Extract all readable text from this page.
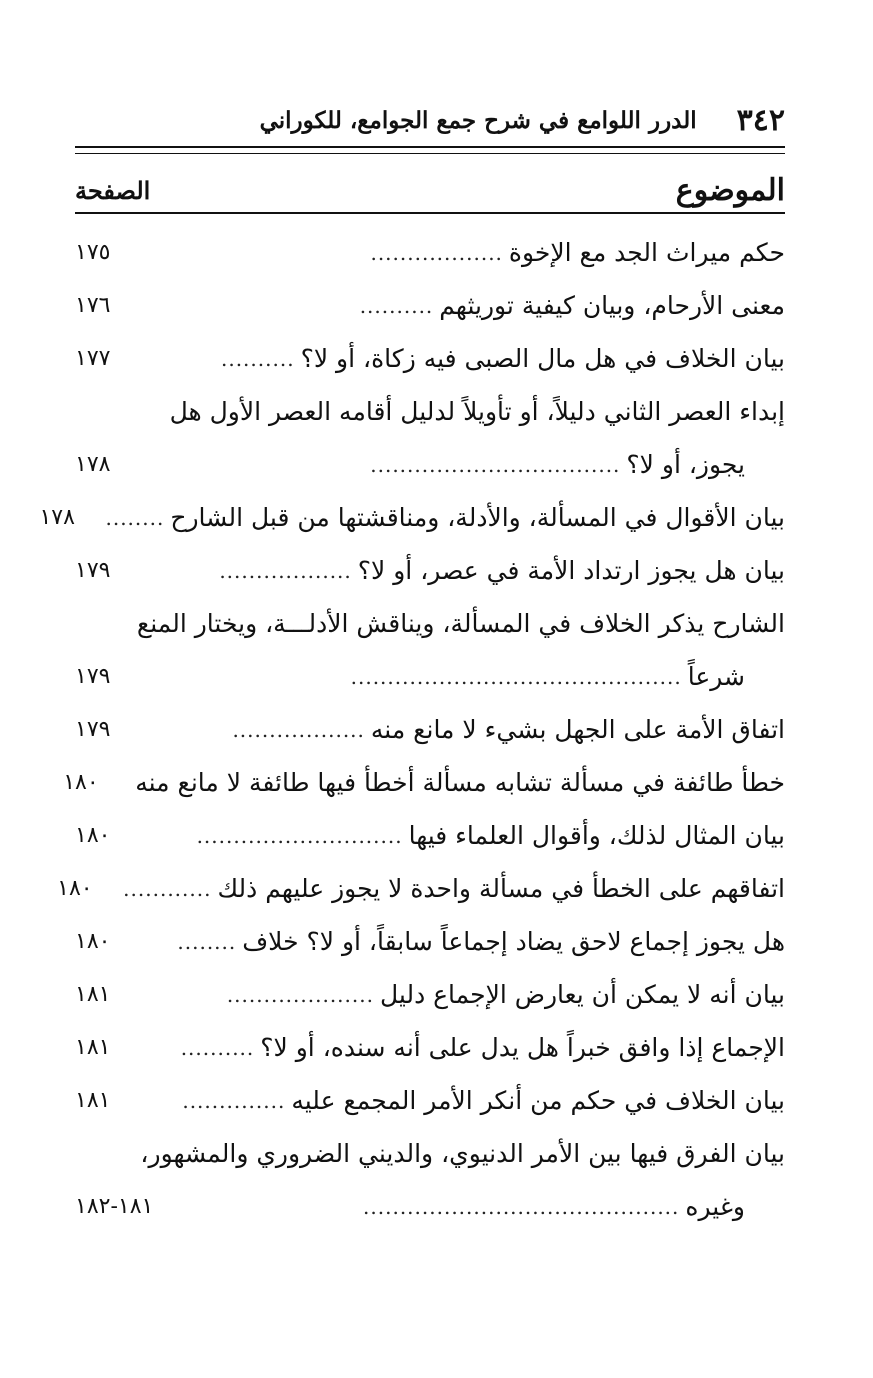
٣٤٢
الدرر اللوامع في شرح جمع الجوامع، للكوراني
الموضوع
الصفحة
حكم ميراث الجد مع الإخوة
..................
١٧٥
معنى الأرحام، وبيان كيفية توريثهم
..........
١٧٦
بيان الخلاف في هل مال الصبى فيه زكاة، أو لا؟
..........
١٧٧
إبداء العصر الثاني دليلاً، أو تأويلاً لدليل أقامه العصر الأول هل
يجوز، أو لا؟
..................................
١٧٨
بيان الأقوال في المسألة، والأدلة، ومناقشتها من قبل الشارح
........
١٧٨
بيان هل يجوز ارتداد الأمة في عصر، أو لا؟
..................
١٧٩
الشارح يذكر الخلاف في المسألة، ويناقش الأدلـــة، ويختار المنع
شرعاً
.............................................
١٧٩
اتفاق الأمة على الجهل بشيء لا مانع منه
..................
١٧٩
خطأ طائفة في مسألة تشابه مسألة أخطأ فيها طائفة لا مانع منه
١٨٠
بيان المثال لذلك، وأقوال العلماء فيها
............................
١٨٠
اتفاقهم على الخطأ في مسألة واحدة لا يجوز عليهم ذلك
............
١٨٠
هل يجوز إجماع لاحق يضاد إجماعاً سابقاً، أو لا؟ خلاف
........
١٨٠
بيان أنه لا يمكن أن يعارض الإجماع دليل
....................
١٨١
الإجماع إذا وافق خبراً هل يدل على أنه سنده، أو لا؟
..........
١٨١
بيان الخلاف في حكم من أنكر الأمر المجمع عليه
..............
١٨١
بيان الفرق فيها بين الأمر الدنيوي، والديني الضروري والمشهور،
وغيره
...........................................
١٨١-١٨٢
